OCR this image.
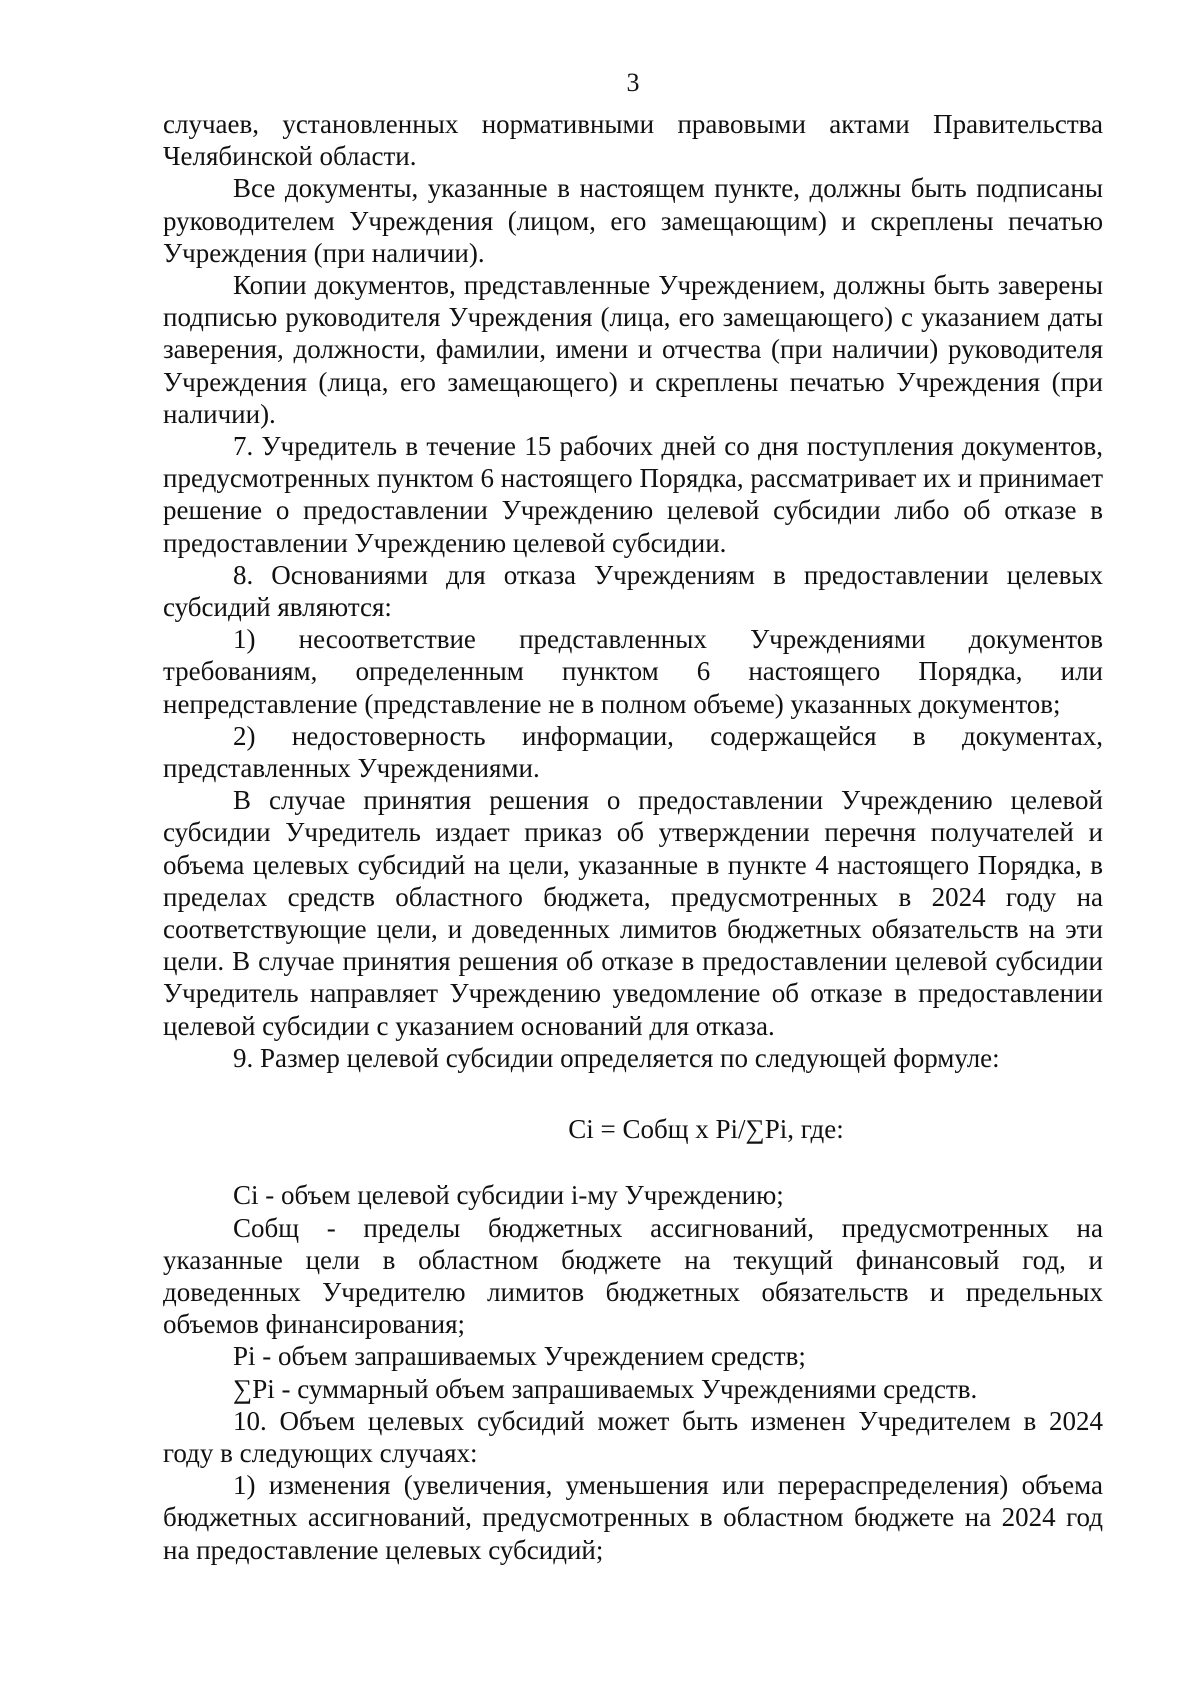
3

случаев, установленных нормативными правовыми актами Правительства Челябинской области.

Все документы, указанные в настоящем пункте, должны быть подписаны руководителем Учреждения (лицом, его замещающим) и скреплены печатью Учреждения (при наличии).

Копии документов, представленные Учреждением, должны быть заверены подписью руководителя Учреждения (лица, его замещающего) с указанием даты заверения, должности, фамилии, имени и отчества (при наличии) руководителя Учреждения (лица, его замещающего) и скреплены печатью Учреждения (при наличии).

7. Учредитель в течение 15 рабочих дней со дня поступления документов, предусмотренных пунктом 6 настоящего Порядка, рассматривает их и принимает решение о предоставлении Учреждению целевой субсидии либо об отказе в предоставлении Учреждению целевой субсидии.

8. Основаниями для отказа Учреждениям в предоставлении целевых субсидий являются:

1) несоответствие представленных Учреждениями документов требованиям, определенным пунктом 6 настоящего Порядка, или непредставление (представление не в полном объеме) указанных документов;

2) недостоверность информации, содержащейся в документах, представленных Учреждениями.

В случае принятия решения о предоставлении Учреждению целевой субсидии Учредитель издает приказ об утверждении перечня получателей и объема целевых субсидий на цели, указанные в пункте 4 настоящего Порядка, в пределах средств областного бюджета, предусмотренных в 2024 году на соответствующие цели, и доведенных лимитов бюджетных обязательств на эти цели. В случае принятия решения об отказе в предоставлении целевой субсидии Учредитель направляет Учреждению уведомление об отказе в предоставлении целевой субсидии с указанием оснований для отказа.

9. Размер целевой субсидии определяется по следующей формуле:

Ci = Cобщ x Pi/∑Pi, где:

Ci - объем целевой субсидии i-му Учреждению;

Cобщ - пределы бюджетных ассигнований, предусмотренных на указанные цели в областном бюджете на текущий финансовый год, и доведенных Учредителю лимитов бюджетных обязательств и предельных объемов финансирования;

Pi - объем запрашиваемых Учреждением средств;

∑Pi - суммарный объем запрашиваемых Учреждениями средств.

10. Объем целевых субсидий может быть изменен Учредителем в 2024 году в следующих случаях:

1) изменения (увеличения, уменьшения или перераспределения) объема бюджетных ассигнований, предусмотренных в областном бюджете на 2024 год на предоставление целевых субсидий;
